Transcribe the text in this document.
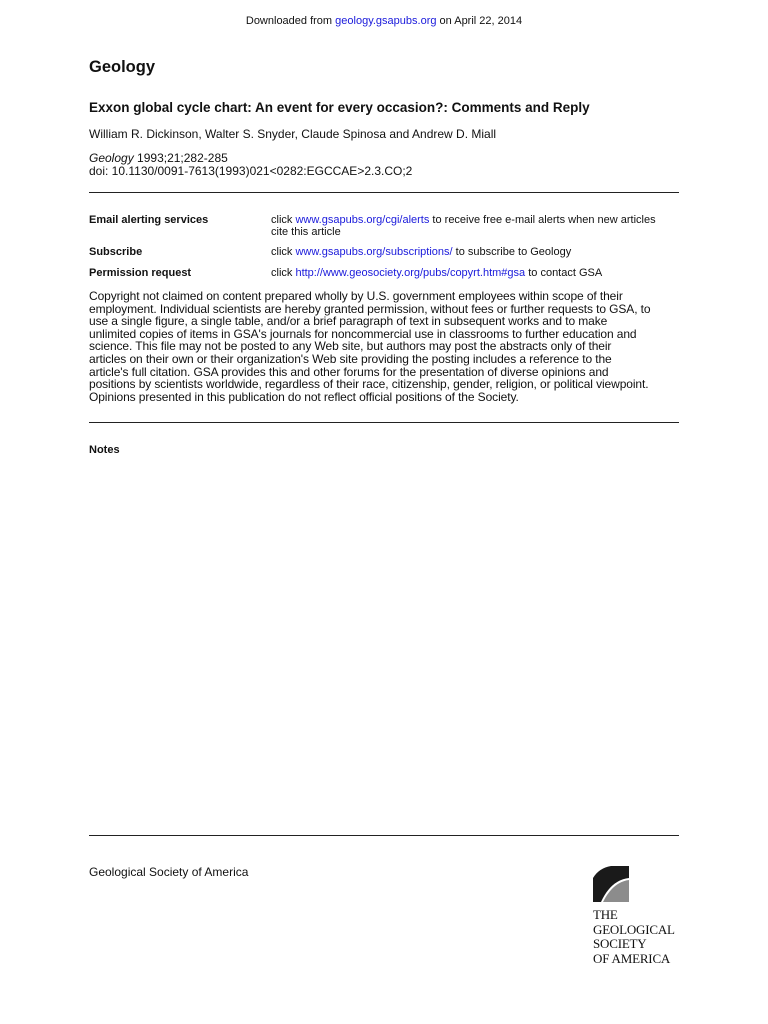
Downloaded from geology.gsapubs.org on April 22, 2014
Geology
Exxon global cycle chart: An event for every occasion?: Comments and Reply
William R. Dickinson, Walter S. Snyder, Claude Spinosa and Andrew D. Miall
Geology 1993;21;282-285
doi: 10.1130/0091-7613(1993)021<0282:EGCCAE>2.3.CO;2
Email alerting services	click www.gsapubs.org/cgi/alerts to receive free e-mail alerts when new articles
cite this article
Subscribe	click www.gsapubs.org/subscriptions/ to subscribe to Geology
Permission request	click http://www.geosociety.org/pubs/copyrt.htm#gsa to contact GSA
Copyright not claimed on content prepared wholly by U.S. government employees within scope of their
employment. Individual scientists are hereby granted permission, without fees or further requests to GSA, to
use a single figure, a single table, and/or a brief paragraph of text in subsequent works and to make
unlimited copies of items in GSA's journals for noncommercial use in classrooms to further education and
science. This file may not be posted to any Web site, but authors may post the abstracts only of their
articles on their own or their organization's Web site providing the posting includes a reference to the
article's full citation. GSA provides this and other forums for the presentation of diverse opinions and
positions by scientists worldwide, regardless of their race, citizenship, gender, religion, or political viewpoint.
Opinions presented in this publication do not reflect official positions of the Society.
Notes
Geological Society of America
THE
GEOLOGICAL
SOCIETY
OF AMERICA
